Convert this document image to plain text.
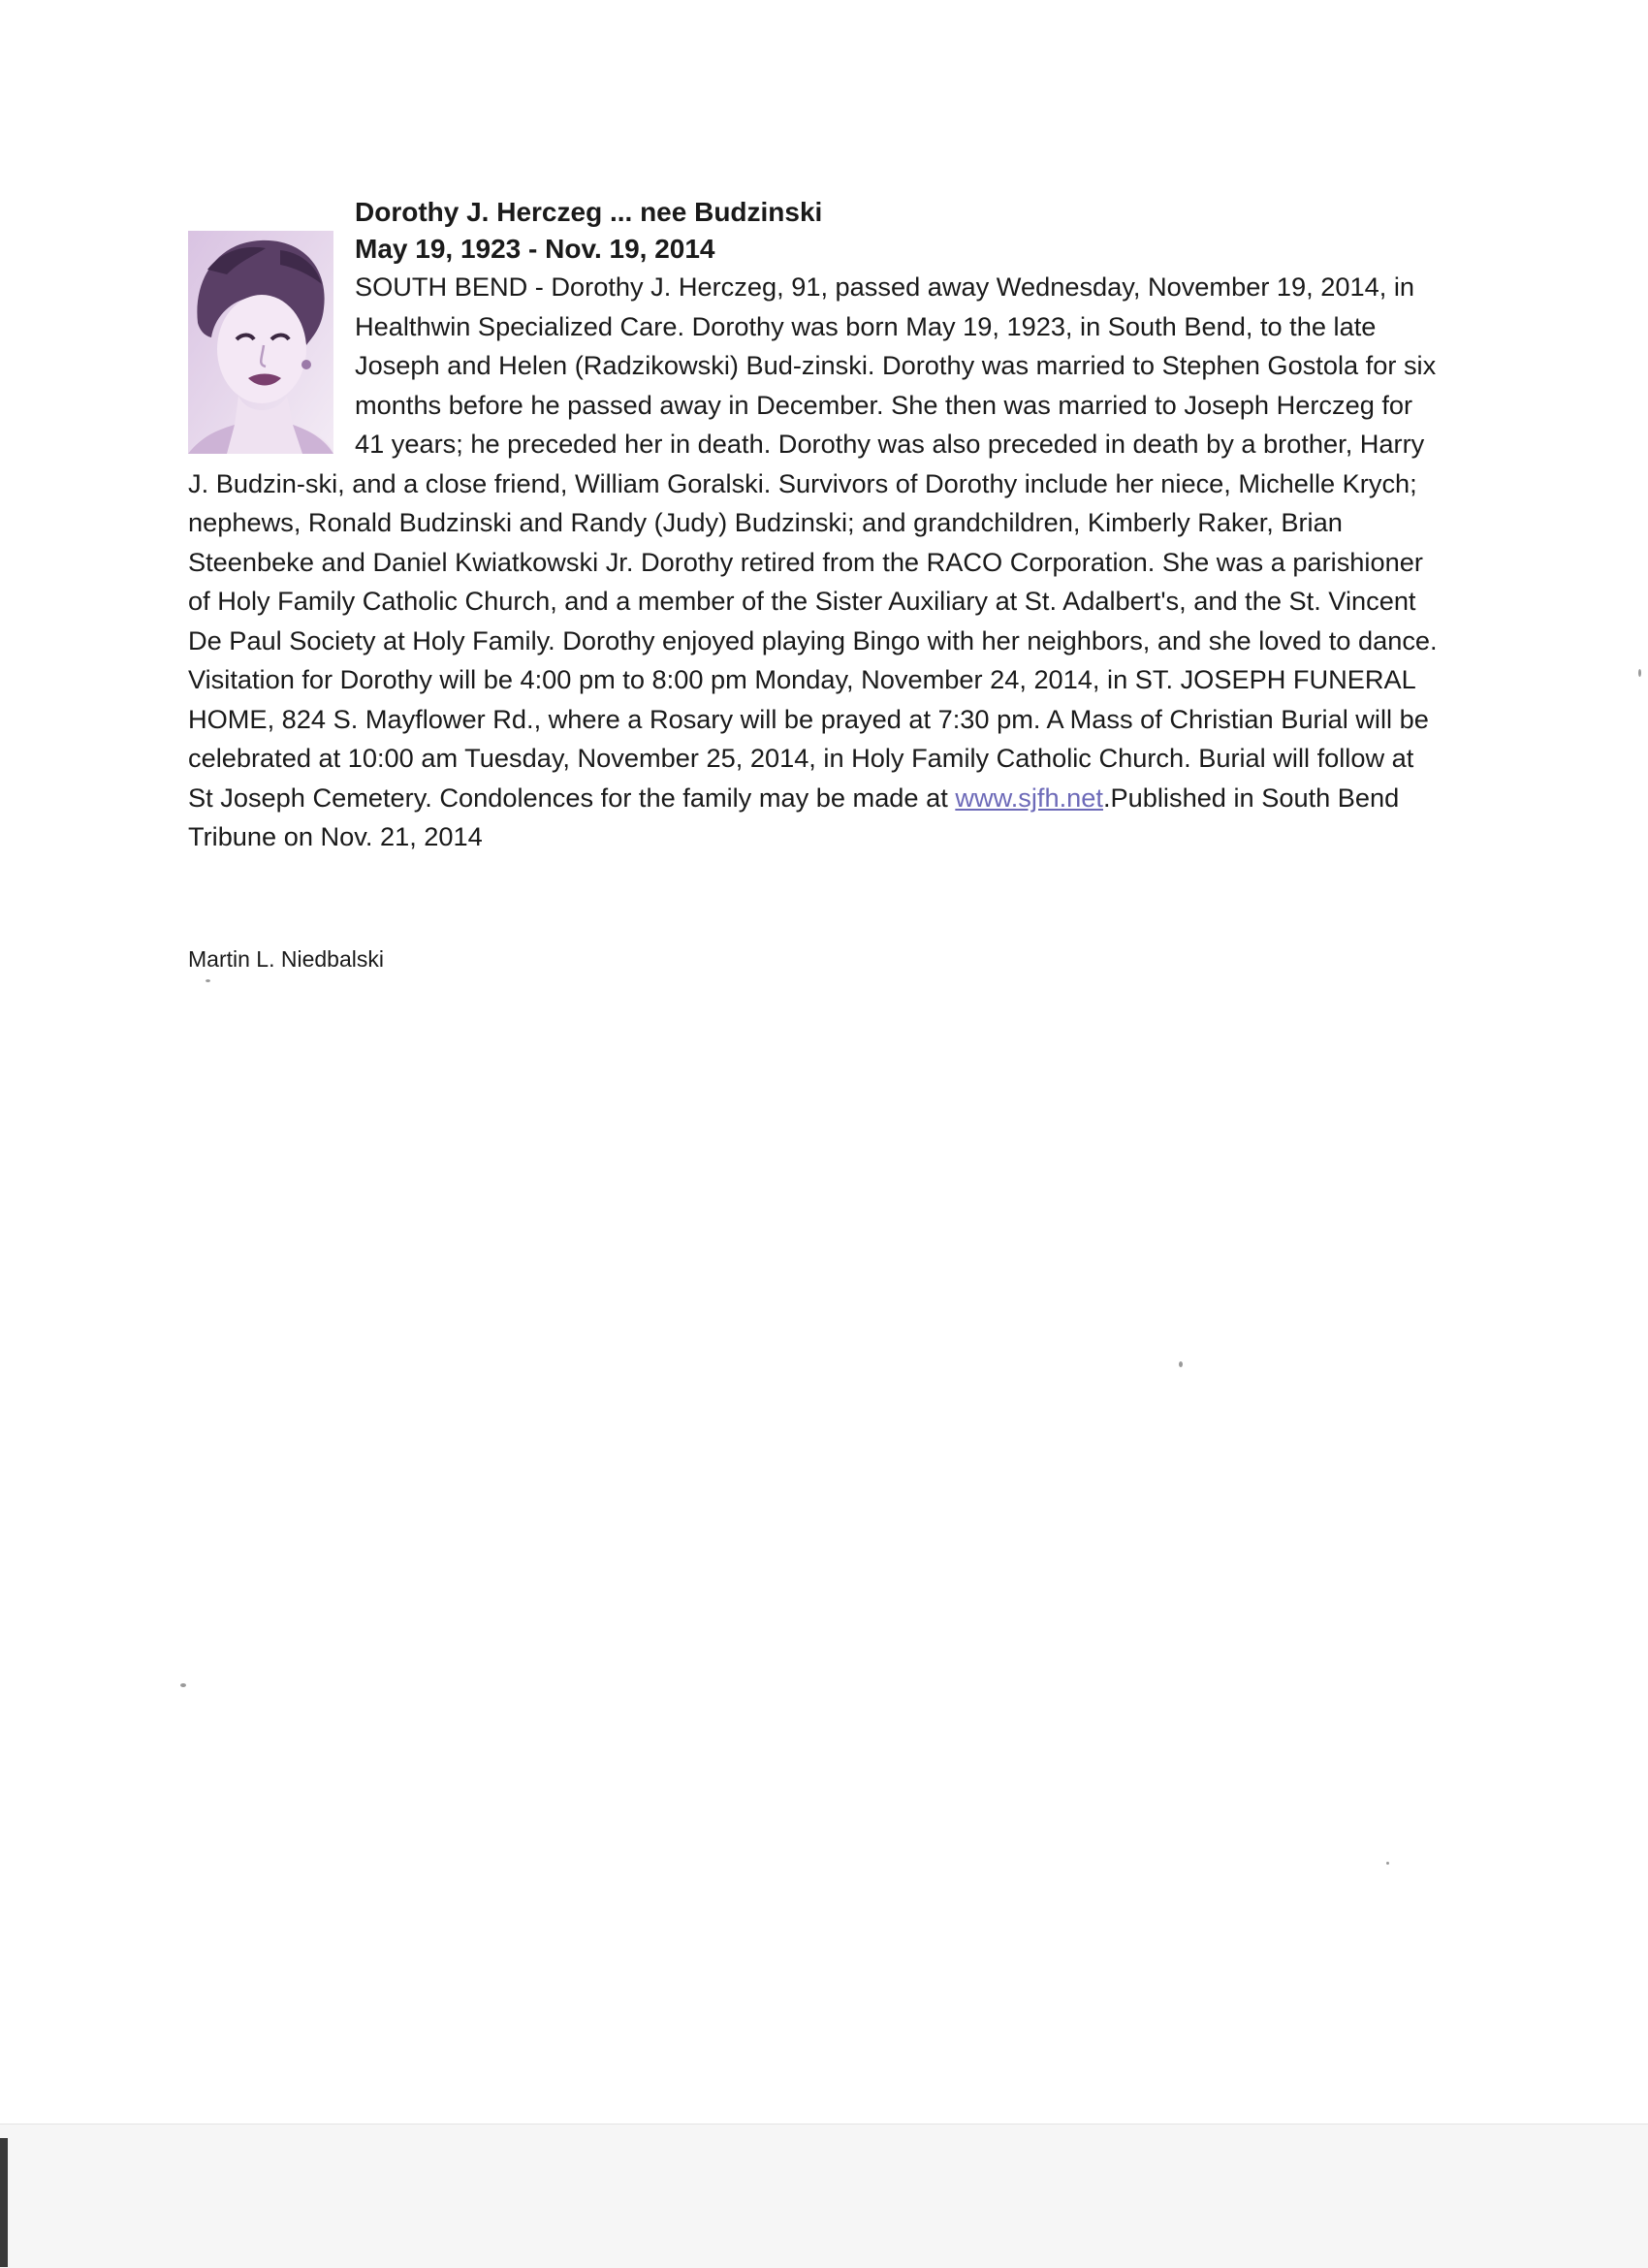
Dorothy J. Herczeg ... nee Budzinski
May 19, 1923 - Nov. 19, 2014

SOUTH BEND - Dorothy J. Herczeg, 91, passed away Wednesday, November 19, 2014, in Healthwin Specialized Care. Dorothy was born May 19, 1923, in South Bend, to the late Joseph and Helen (Radzikowski) Bud-zinski. Dorothy was married to Stephen Gostola for six months before he passed away in December. She then was married to Joseph Herczeg for 41 years; he preceded her in death. Dorothy was also preceded in death by a brother, Harry J. Budzin-ski, and a close friend, William Goralski. Survivors of Dorothy include her niece, Michelle Krych; nephews, Ronald Budzinski and Randy (Judy) Budzinski; and grandchildren, Kimberly Raker, Brian Steenbeke and Daniel Kwiatkowski Jr. Dorothy retired from the RACO Corporation. She was a parishioner of Holy Family Catholic Church, and a member of the Sister Auxiliary at St. Adalbert's, and the St. Vincent De Paul Society at Holy Family. Dorothy enjoyed playing Bingo with her neighbors, and she loved to dance. Visitation for Dorothy will be 4:00 pm to 8:00 pm Monday, November 24, 2014, in ST. JOSEPH FUNERAL HOME, 824 S. Mayflower Rd., where a Rosary will be prayed at 7:30 pm. A Mass of Christian Burial will be celebrated at 10:00 am Tuesday, November 25, 2014, in Holy Family Catholic Church. Burial will follow at St Joseph Cemetery. Condolences for the family may be made at www.sjfh.net.Published in South Bend Tribune on Nov. 21, 2014

Martin L. Niedbalski
